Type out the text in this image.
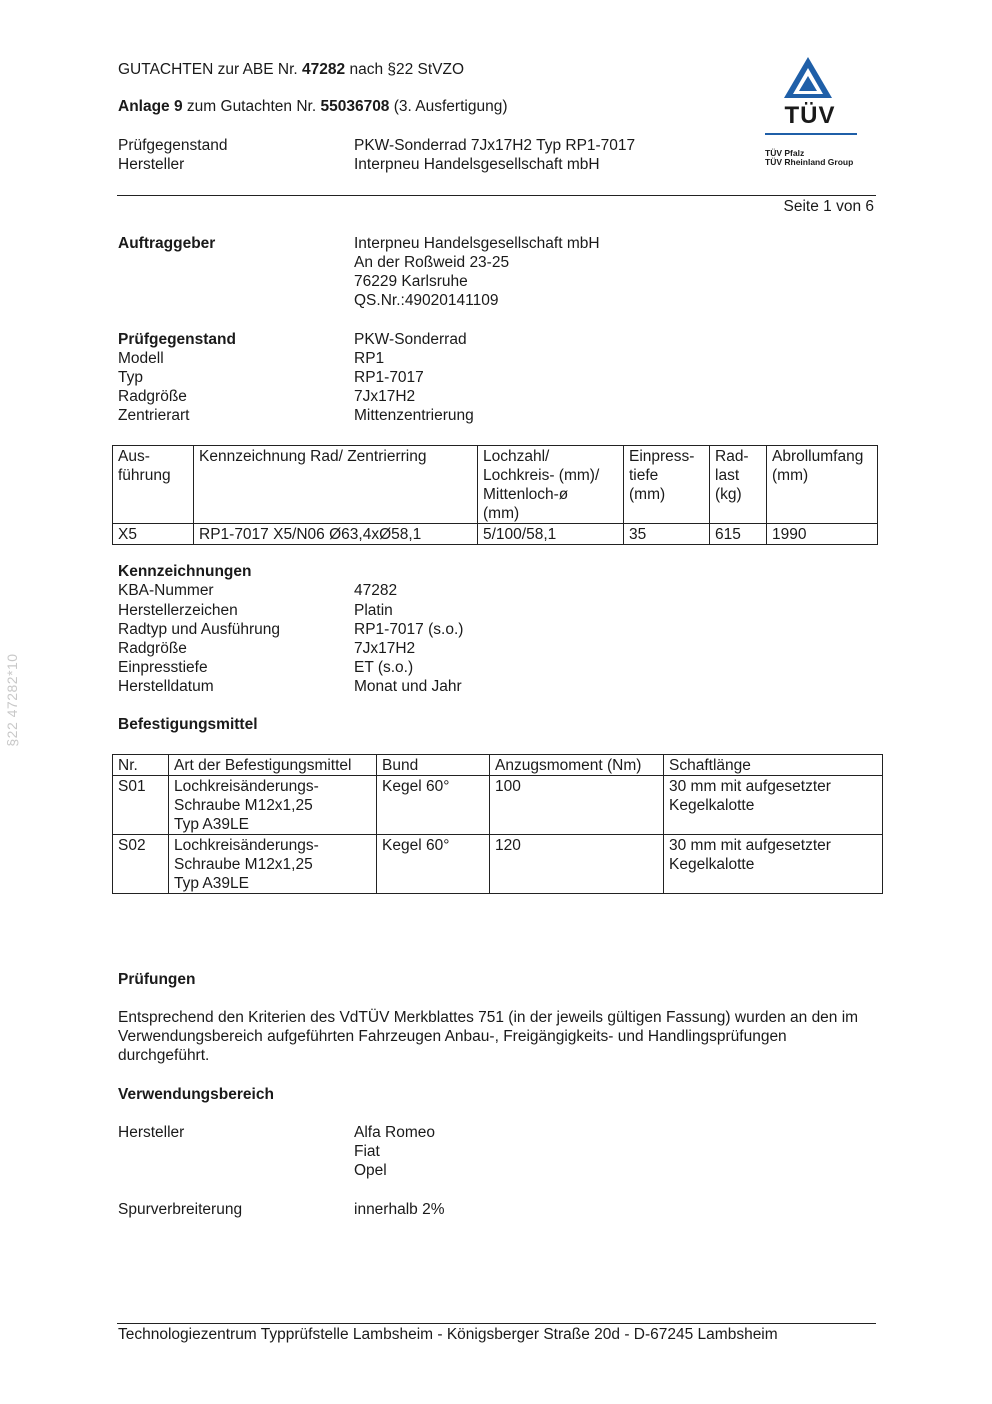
GUTACHTEN zur ABE Nr. 47282 nach §22 StVZO
Anlage 9 zum Gutachten Nr. 55036708 (3. Ausfertigung)
Prüfgegenstand	PKW-Sonderrad 7Jx17H2 Typ RP1-7017
Hersteller	Interpneu Handelsgesellschaft mbH
TÜV
TÜV Pfalz
TÜV Rheinland Group
Seite 1 von 6
§22 47282*10
Auftraggeber	Interpneu Handelsgesellschaft mbH
An der Roßweid 23-25
76229 Karlsruhe
QS.Nr.:49020141109
Prüfgegenstand	PKW-Sonderrad
Modell	RP1
Typ	RP1-7017
Radgröße	7Jx17H2
Zentrierart	Mittenzentrierung
Aus-
führung	Kennzeichnung Rad/ Zentrierring	Lochzahl/
Lochkreis- (mm)/
Mittenloch-ø
(mm)	Einpress-
tiefe
(mm)	Rad-
last
(kg)	Abrollumfang
(mm)
X5	RP1-7017 X5/N06 Ø63,4xØ58,1	5/100/58,1	35	615	1990
Kennzeichnungen
KBA-Nummer	47282
Herstellerzeichen	Platin
Radtyp und Ausführung	RP1-7017 (s.o.)
Radgröße	7Jx17H2
Einpresstiefe	ET (s.o.)
Herstelldatum	Monat und Jahr
Befestigungsmittel
Nr.	Art der Befestigungsmittel	Bund	Anzugsmoment (Nm)	Schaftlänge
S01	Lochkreisänderungs-
Schraube M12x1,25
Typ A39LE	Kegel 60°	100	30 mm mit aufgesetzter
Kegelkalotte
S02	Lochkreisänderungs-
Schraube M12x1,25
Typ A39LE	Kegel 60°	120	30 mm mit aufgesetzter
Kegelkalotte
Prüfungen
Entsprechend den Kriterien des VdTÜV Merkblattes 751 (in der jeweils gültigen Fassung) wurden an den im Verwendungsbereich aufgeführten Fahrzeugen Anbau-, Freigängigkeits- und Handlingsprüfungen durchgeführt.
Verwendungsbereich
Hersteller	Alfa Romeo
Fiat
Opel
Spurverbreiterung	innerhalb 2%
Technologiezentrum Typprüfstelle Lambsheim - Königsberger Straße 20d - D-67245 Lambsheim
